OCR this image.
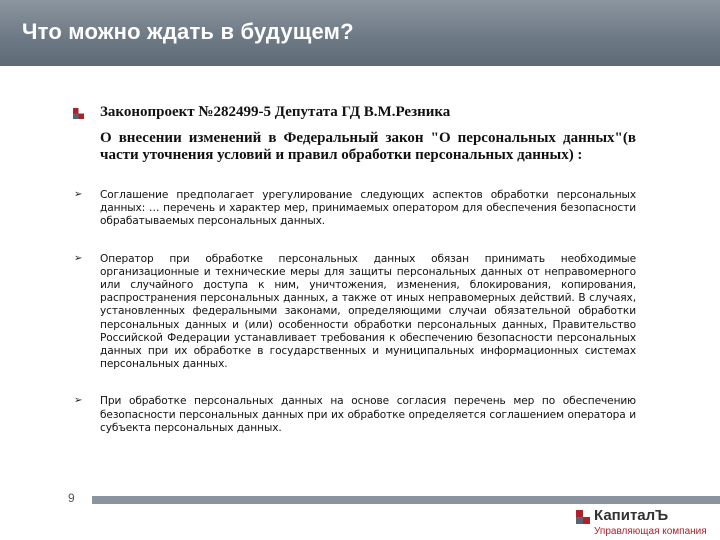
Что можно ждать в будущем?

Законопроект №282499-5 Депутата ГД В.М.Резника

О внесении изменений в Федеральный закон "О персональных данных"(в части уточнения условий и правил обработки персональных данных) :

➢ Соглашение предполагает урегулирование следующих аспектов обработки персональных данных: … перечень и характер мер, принимаемых оператором для обеспечения безопасности обрабатываемых персональных данных.

➢ Оператор при обработке персональных данных обязан принимать необходимые организационные и технические меры для защиты персональных данных от неправомерного или случайного доступа к ним, уничтожения, изменения, блокирования, копирования, распространения персональных данных, а также от иных неправомерных действий. В случаях, установленных федеральными законами, определяющими случаи обязательной обработки персональных данных и (или) особенности обработки персональных данных, Правительство Российской Федерации устанавливает требования к обеспечению безопасности персональных данных при их обработке в государственных и муниципальных информационных системах персональных данных.

➢ При обработке персональных данных на основе согласия перечень мер по обеспечению безопасности персональных данных при их обработке определяется соглашением оператора и субъекта персональных данных.

9
КапиталЪ
Управляющая компания
